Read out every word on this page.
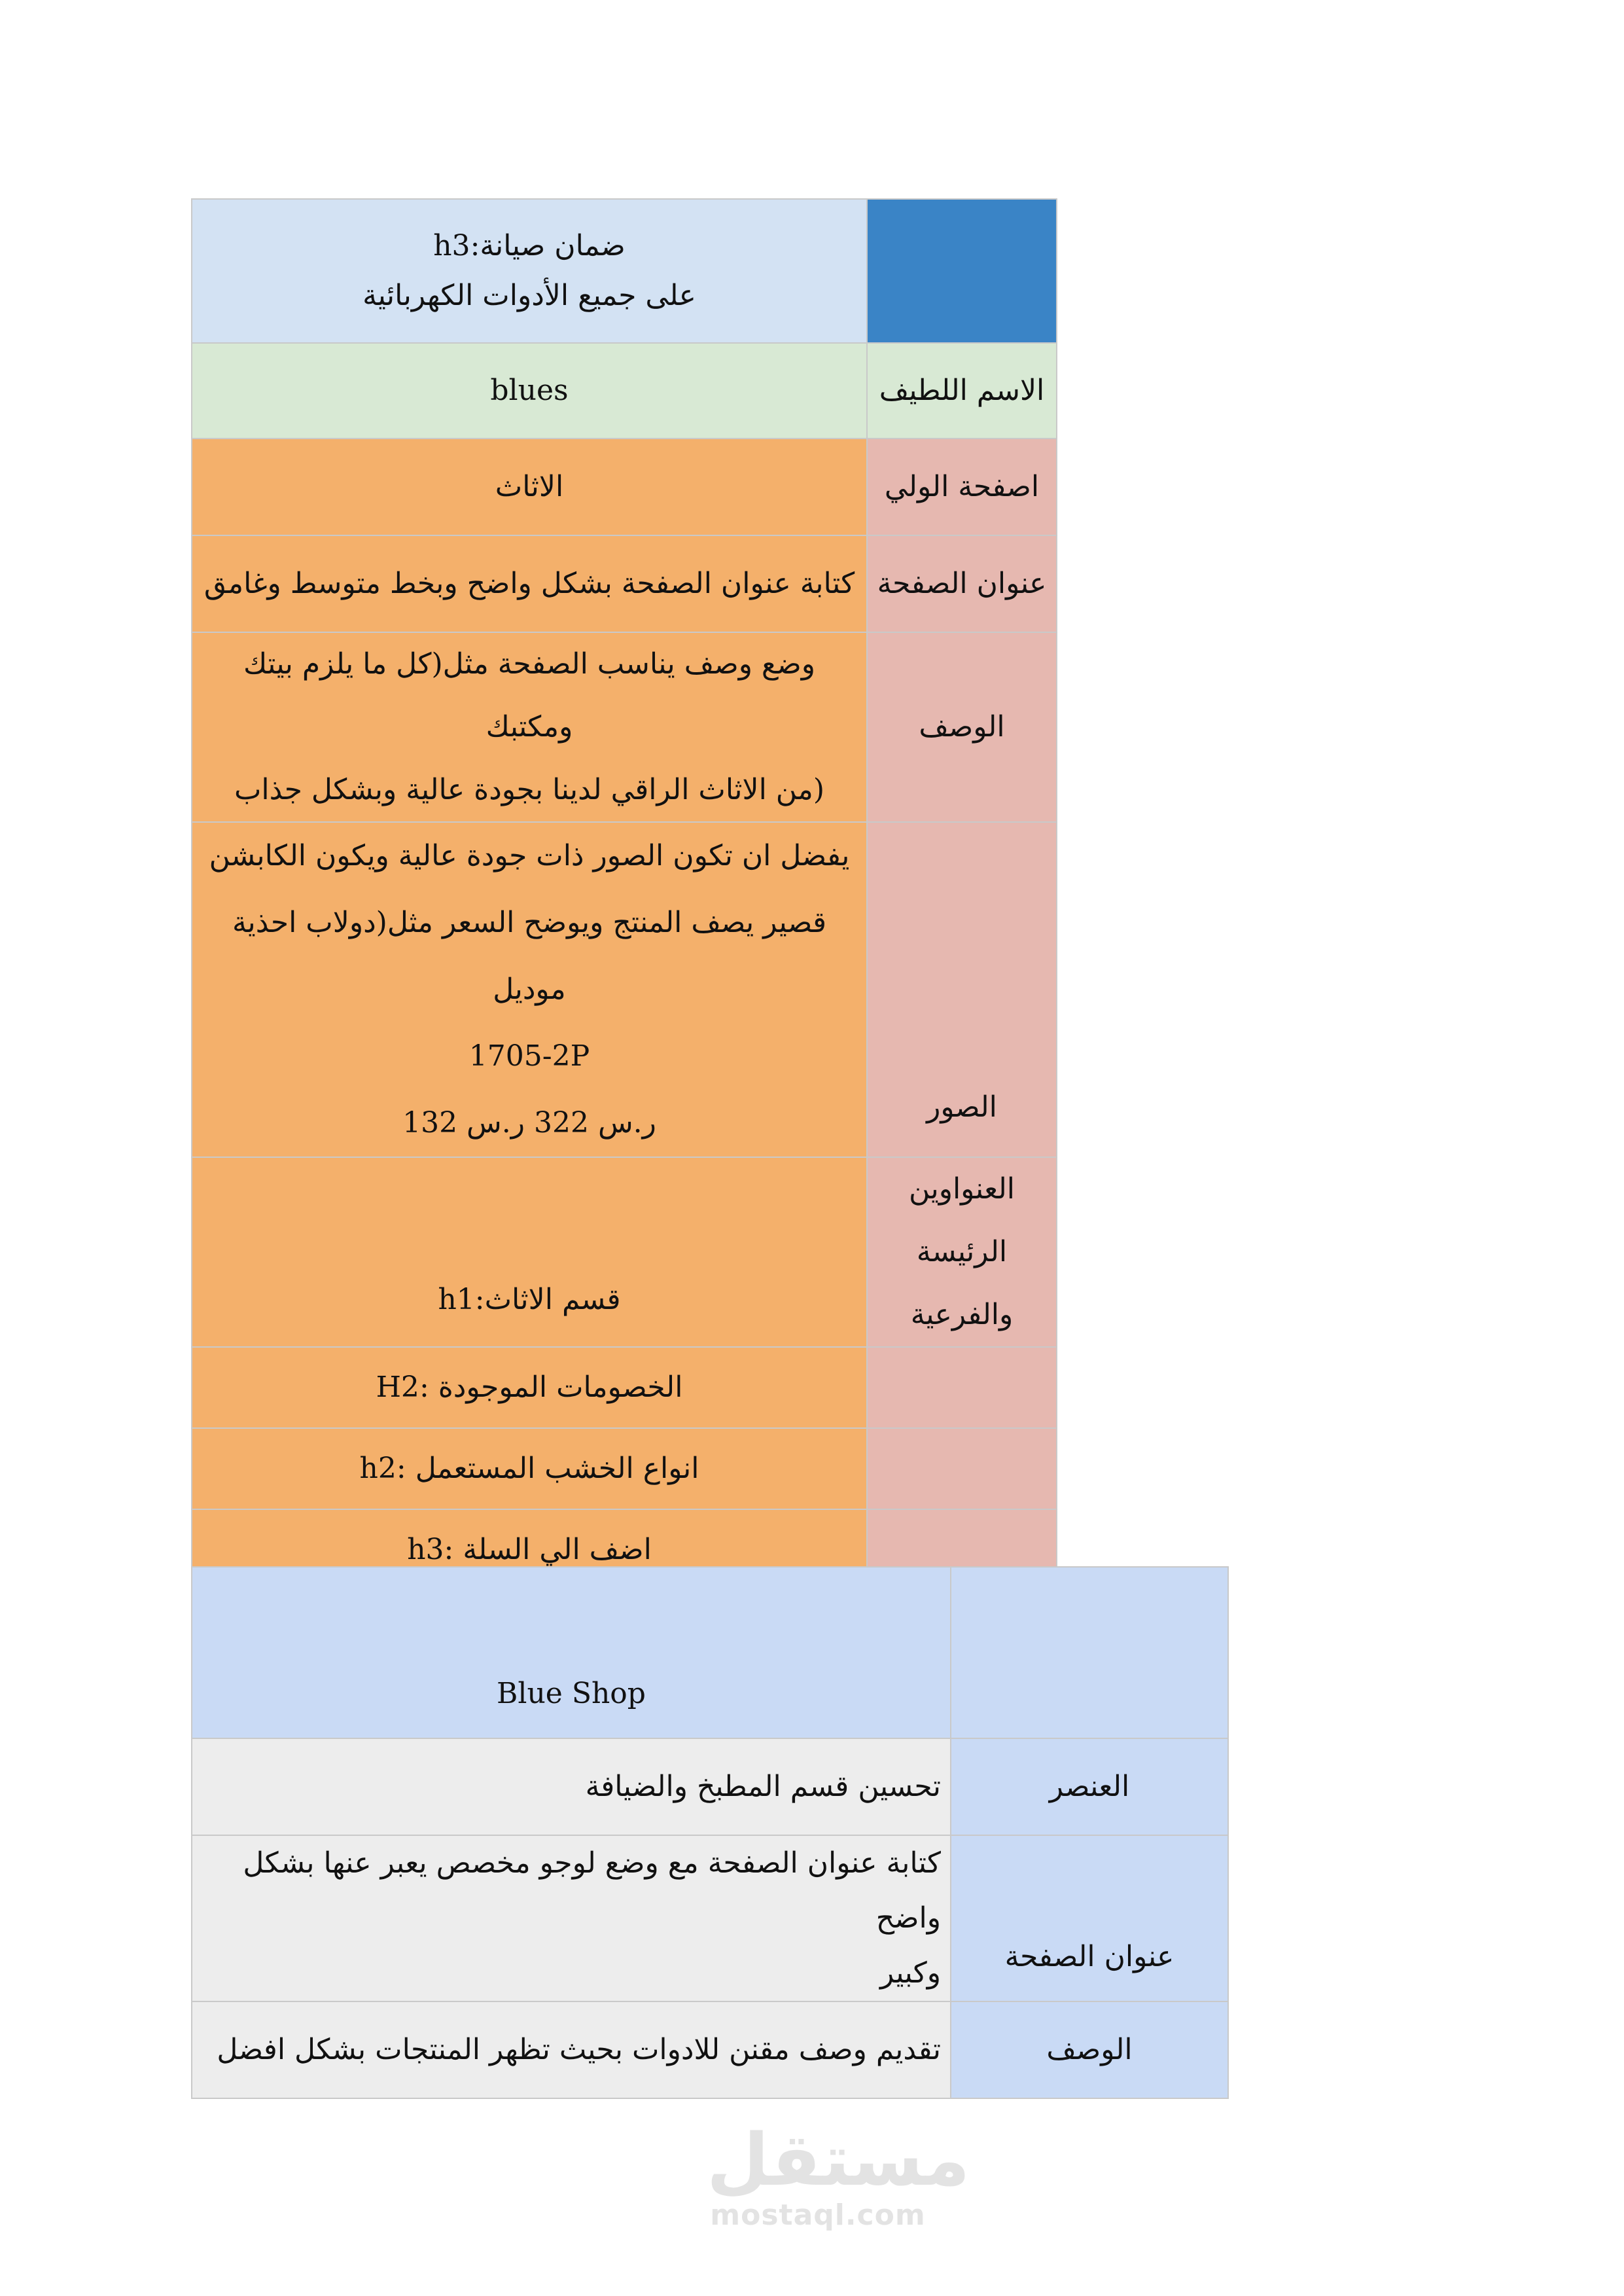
ضمان صيانة:h3
على جميع الأدوات الكهربائية	

blues	الاسم اللطيف
الاثاث	اصفحة الولي
كتابة عنوان الصفحة بشكل واضح وبخط متوسط وغامق	عنوان الصفحة

وضع وصف يناسب الصفحة مثل(كل ما يلزم بيتك ومكتبك
(من الاثاث الراقي لدينا بجودة عالية وبشكل جذاب	الوصف

يفضل ان تكون الصور ذات جودة عالية ويكون الكابشن
قصير يصف المنتج ويوضح السعر مثل(دولاب احذية موديل
1705-2P
ر.س 322 ر.س 132	الصور
قسم الاثاث:h1	العنواوين الرئيسة
والفرعية

الخصومات الموجودة :H2	
انواع الخشب المستعمل :h2	
اضف الي السلة :h3	
Blue Shop	
تحسين قسم المطبخ والضيافة	العنصر

كتابة عنوان الصفحة مع وضع لوجو مخصص يعبر عنها بشكل واضح
وكبير	عنوان الصفحة
تقديم وصف مقنن للادوات بحيث تظهر المنتجات بشكل افضل	الوصف
مستقل
mostaql.com
